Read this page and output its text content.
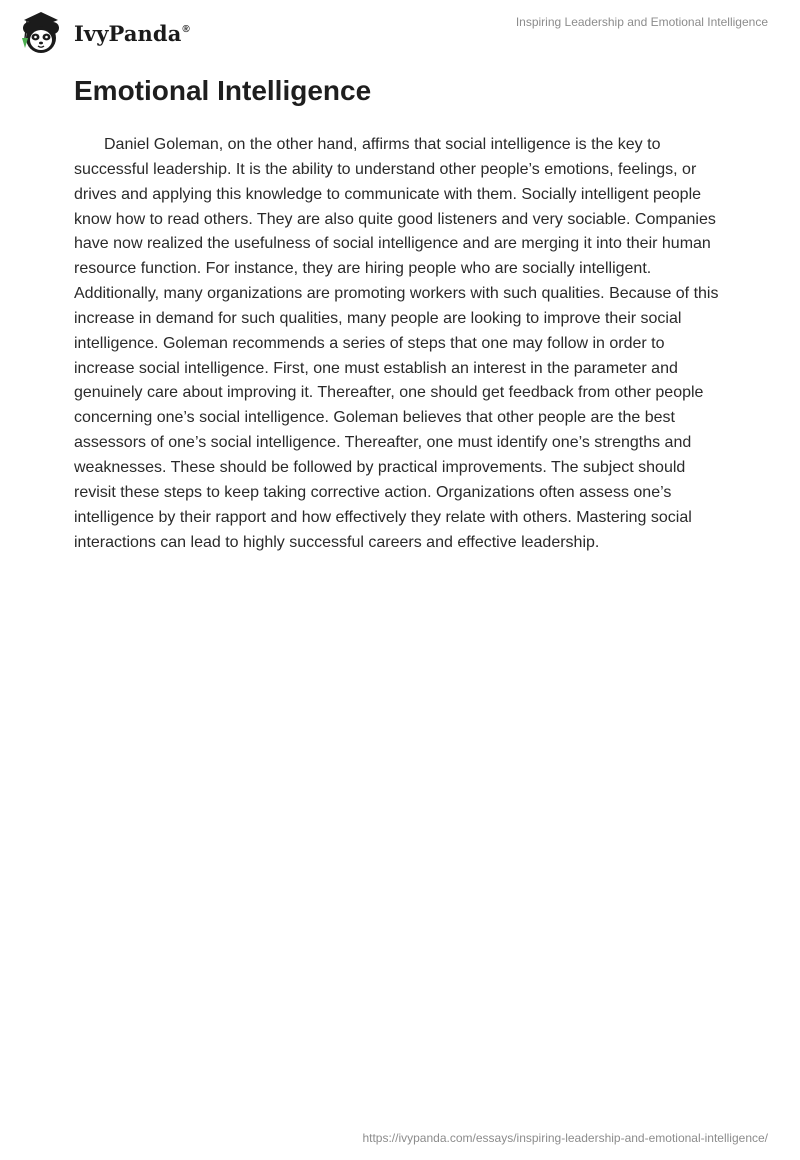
IvyPanda®	Inspiring Leadership and Emotional Intelligence
Emotional Intelligence

Daniel Goleman, on the other hand, affirms that social intelligence is the key to successful leadership. It is the ability to understand other people’s emotions, feelings, or drives and applying this knowledge to communicate with them. Socially intelligent people know how to read others. They are also quite good listeners and very sociable. Companies have now realized the usefulness of social intelligence and are merging it into their human resource function. For instance, they are hiring people who are socially intelligent. Additionally, many organizations are promoting workers with such qualities. Because of this increase in demand for such qualities, many people are looking to improve their social intelligence. Goleman recommends a series of steps that one may follow in order to increase social intelligence. First, one must establish an interest in the parameter and genuinely care about improving it. Thereafter, one should get feedback from other people concerning one’s social intelligence. Goleman believes that other people are the best assessors of one’s social intelligence. Thereafter, one must identify one’s strengths and weaknesses. These should be followed by practical improvements. The subject should revisit these steps to keep taking corrective action. Organizations often assess one’s intelligence by their rapport and how effectively they relate with others. Mastering social interactions can lead to highly successful careers and effective leadership.

https://ivypanda.com/essays/inspiring-leadership-and-emotional-intelligence/
